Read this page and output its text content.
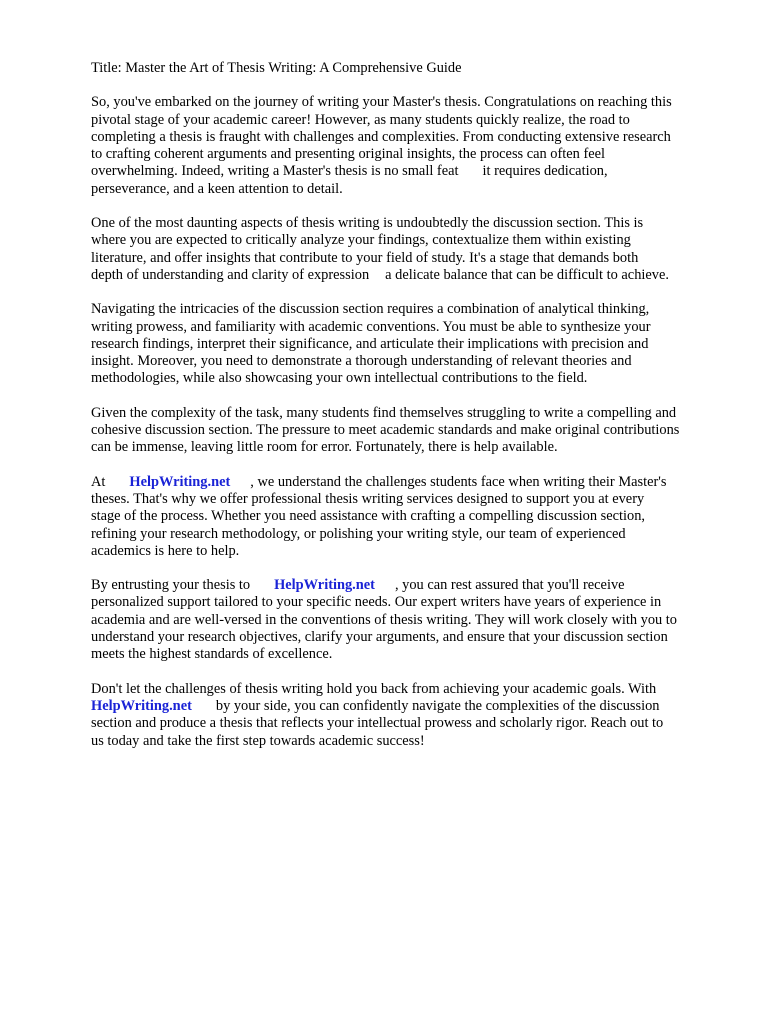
Title: Master the Art of Thesis Writing: A Comprehensive Guide

So, you've embarked on the journey of writing your Master's thesis. Congratulations on reaching this
pivotal stage of your academic career! However, as many students quickly realize, the road to
completing a thesis is fraught with challenges and complexities. From conducting extensive research
to crafting coherent arguments and presenting original insights, the process can often feel
overwhelming. Indeed, writing a Master's thesis is no small feat it requires dedication,
perseverance, and a keen attention to detail.

One of the most daunting aspects of thesis writing is undoubtedly the discussion section. This is
where you are expected to critically analyze your findings, contextualize them within existing
literature, and offer insights that contribute to your field of study. It's a stage that demands both
depth of understanding and clarity of expression a delicate balance that can be difficult to achieve.

Navigating the intricacies of the discussion section requires a combination of analytical thinking,
writing prowess, and familiarity with academic conventions. You must be able to synthesize your
research findings, interpret their significance, and articulate their implications with precision and
insight. Moreover, you need to demonstrate a thorough understanding of relevant theories and
methodologies, while also showcasing your own intellectual contributions to the field.

Given the complexity of the task, many students find themselves struggling to write a compelling and
cohesive discussion section. The pressure to meet academic standards and make original contributions
can be immense, leaving little room for error. Fortunately, there is help available.

At HelpWriting.net , we understand the challenges students face when writing their Master's
theses. That's why we offer professional thesis writing services designed to support you at every
stage of the process. Whether you need assistance with crafting a compelling discussion section,
refining your research methodology, or polishing your writing style, our team of experienced
academics is here to help.

By entrusting your thesis to HelpWriting.net , you can rest assured that you'll receive
personalized support tailored to your specific needs. Our expert writers have years of experience in
academia and are well-versed in the conventions of thesis writing. They will work closely with you to
understand your research objectives, clarify your arguments, and ensure that your discussion section
meets the highest standards of excellence.

Don't let the challenges of thesis writing hold you back from achieving your academic goals. With
HelpWriting.net by your side, you can confidently navigate the complexities of the discussion
section and produce a thesis that reflects your intellectual prowess and scholarly rigor. Reach out to
us today and take the first step towards academic success!
